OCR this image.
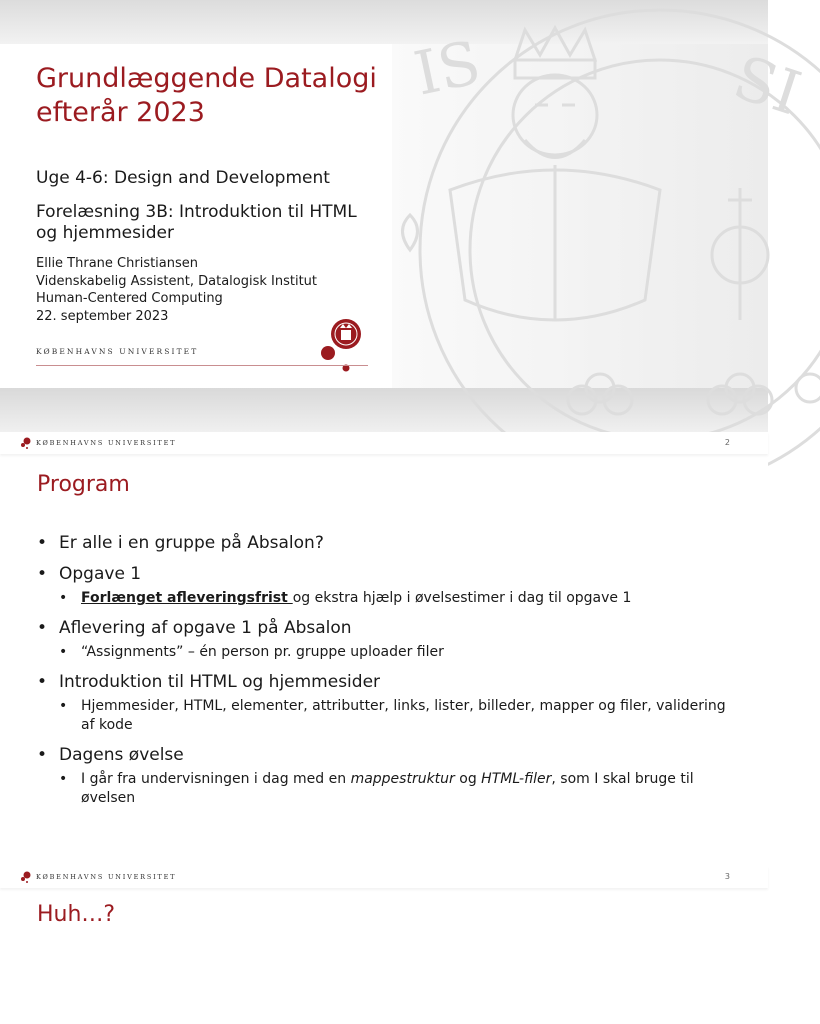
IS	SI
Grundlæggende Datalogi
efterår 2023

Uge 4-6: Design and Development

Forelæsning 3B: Introduktion til HTML
og hjemmesider

Ellie Thrane Christiansen

Videnskabelig Assistent, Datalogisk Institut

Human-Centered Computing

22. september 2023

KØBENHAVNS UNIVERSITET
KØBENHAVNS UNIVERSITET	2
Program
• Er alle i en gruppe på Absalon?
• Opgave 1
• Forlænget afleveringsfrist og ekstra hjælp i øvelsestimer i dag til opgave 1
• Aflevering af opgave 1 på Absalon
• “Assignments” – én person pr. gruppe uploader filer
• Introduktion til HTML og hjemmesider
• Hjemmesider, HTML, elementer, attributter, links, lister, billeder, mapper og filer, validering af kode
• Dagens øvelse
• I går fra undervisningen i dag med en mappestruktur og HTML-filer, som I skal bruge til øvelsen
KØBENHAVNS UNIVERSITET	3
Huh…?
